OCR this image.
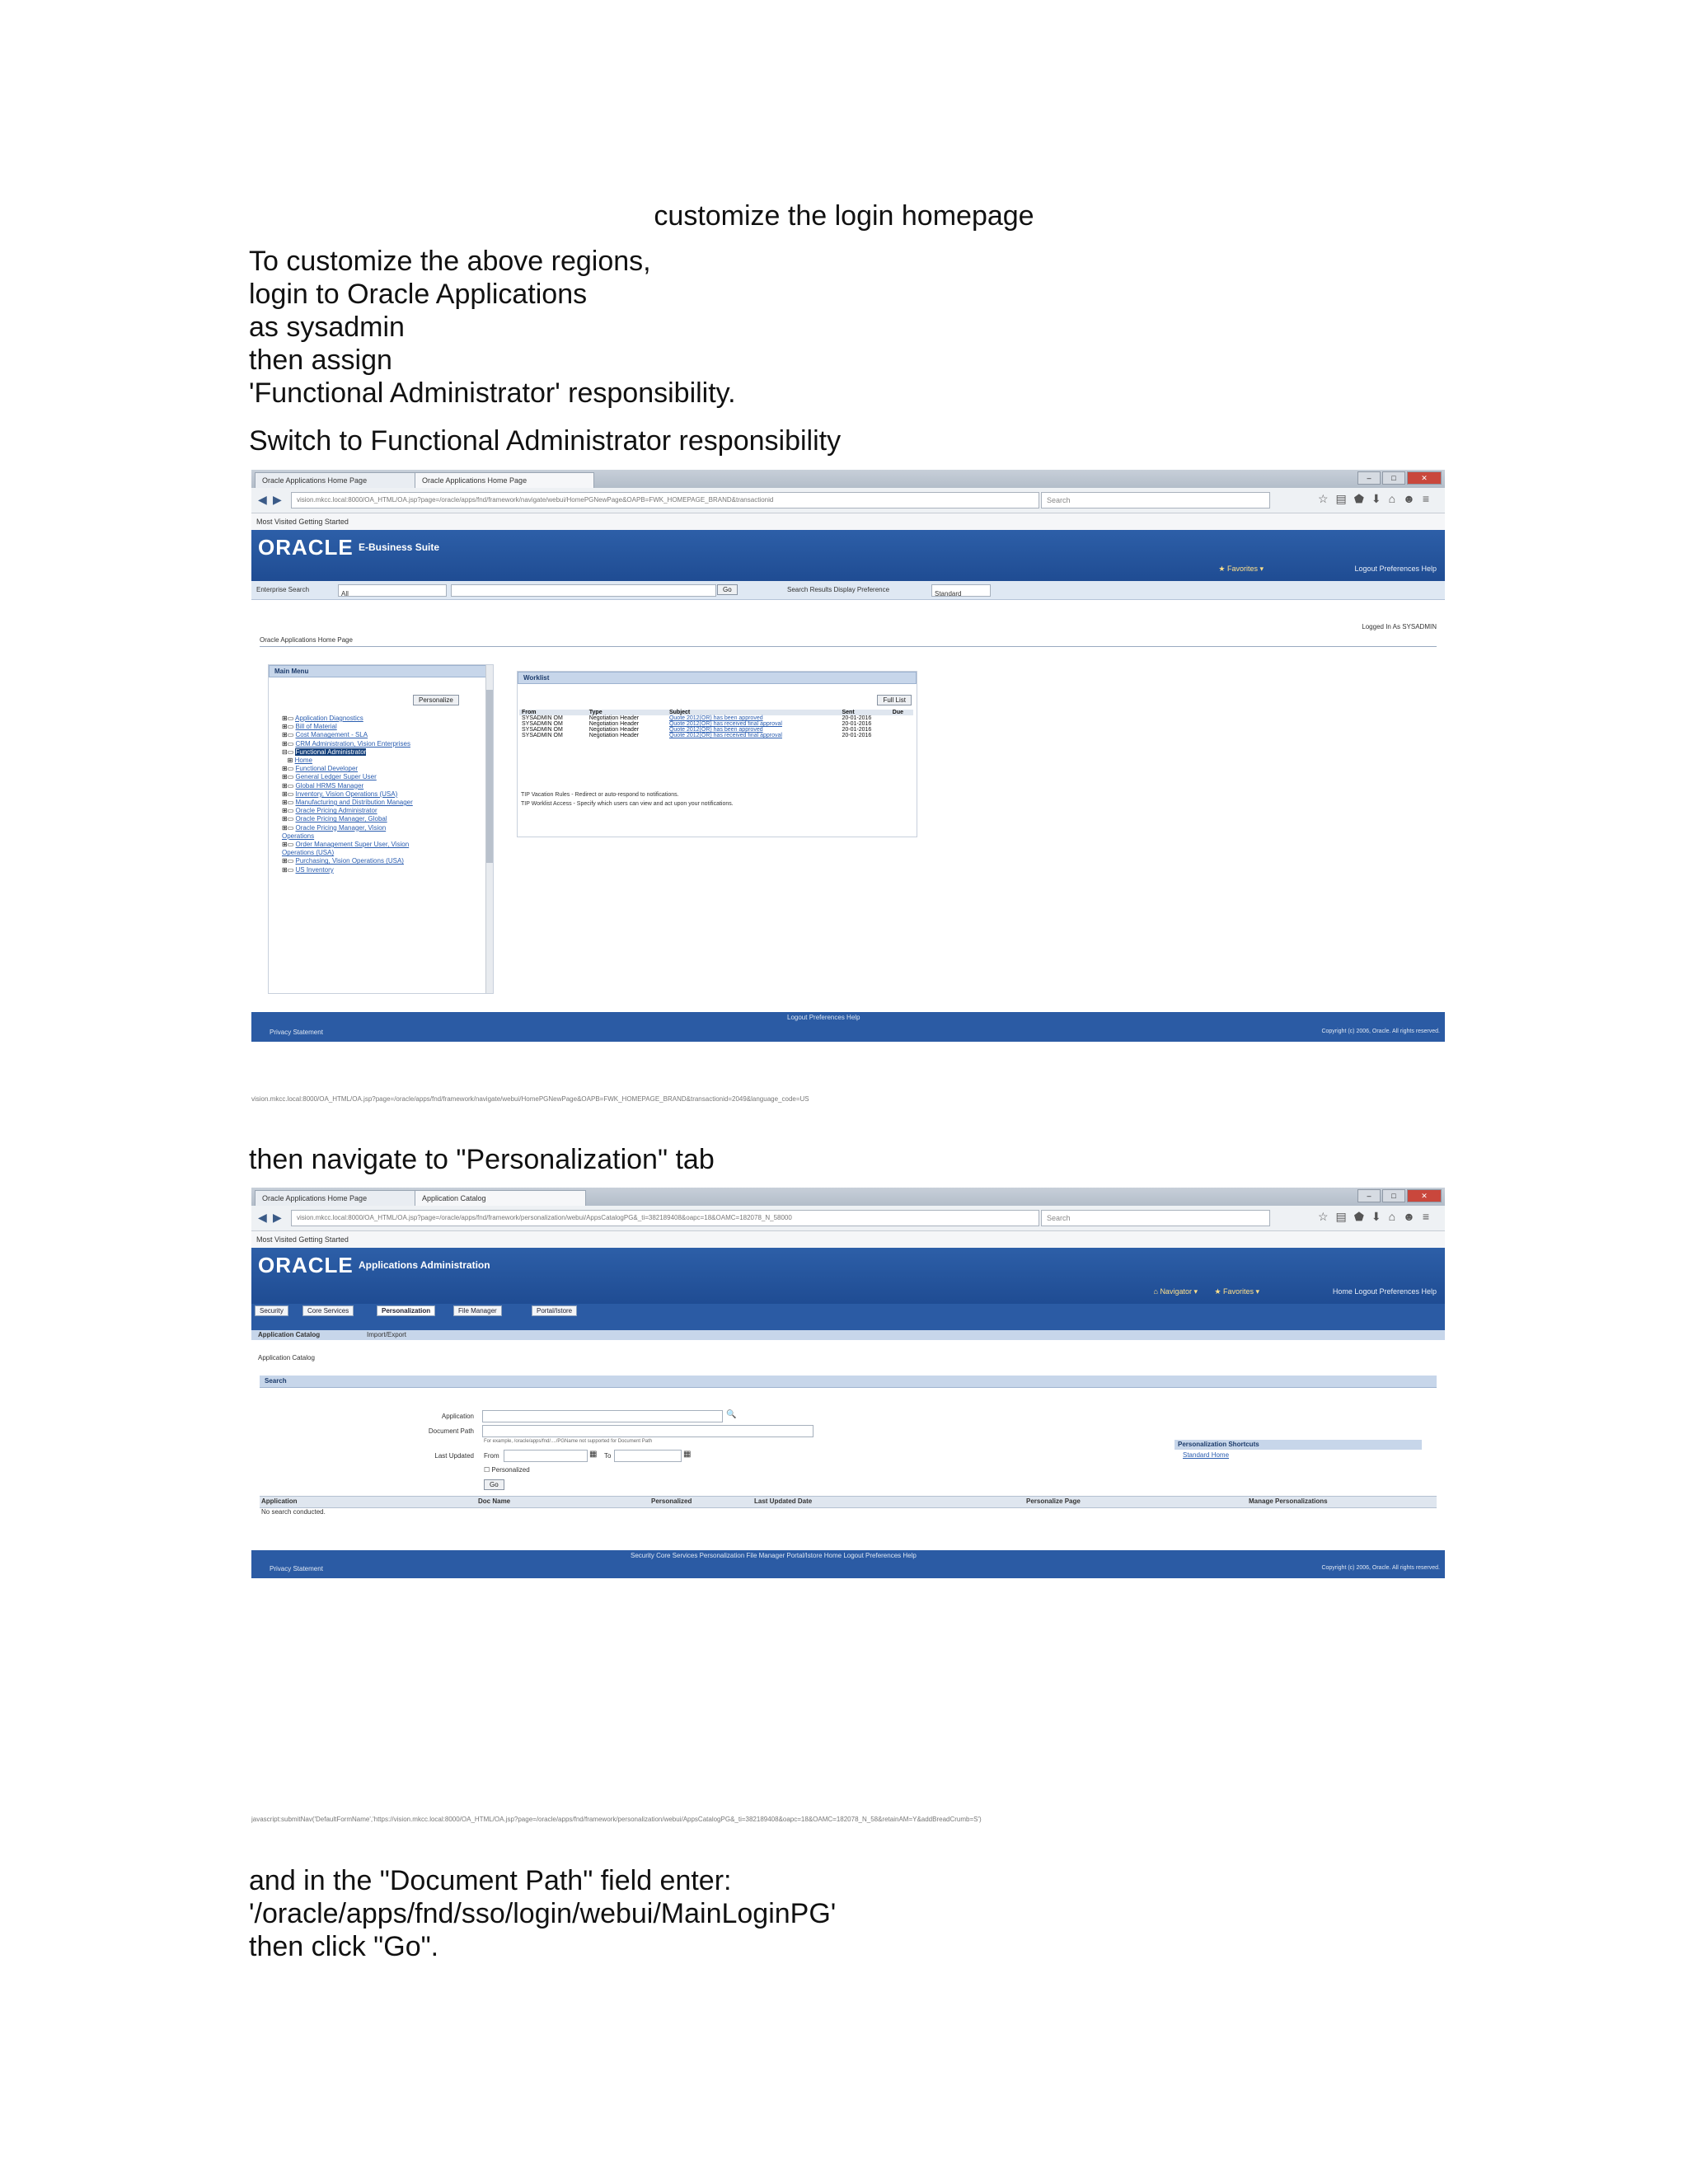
customize the login homepage
To customize the above regions,
login to Oracle Applications
as sysadmin
then assign
'Functional Administrator' responsibility.
Switch to Functional Administrator responsibility
Oracle Applications Home Page	Oracle Applications Home Page	–	□	✕
◀ ▶	vision.mkcc.local:8000/OA_HTML/OA.jsp?page=/oracle/apps/fnd/framework/navigate/webui/HomePGNewPage&OAPB=FWK_HOMEPAGE_BRAND&transactionid	Search	☆▤⬟⬇⌂☻≡
Most Visited Getting Started
ORACLE E-Business Suite
★ Favorites ▾	Logout Preferences Help
Enterprise Search
All
Go	Search Results Display Preference
Standard
Logged In As SYSADMIN
Oracle Applications Home Page
Main Menu
Personalize
⊞▭ Application Diagnostics
⊞▭ Bill of Material
⊞▭ Cost Management - SLA
⊞▭ CRM Administration, Vision Enterprises
⊟▭ Functional Administrator
⊞ Home
⊞▭ Functional Developer
⊞▭ General Ledger Super User
⊞▭ Global HRMS Manager
⊞▭ Inventory, Vision Operations (USA)
⊞▭ Manufacturing and Distribution Manager
⊞▭ Oracle Pricing Administrator
⊞▭ Oracle Pricing Manager, Global
⊞▭ Oracle Pricing Manager, Vision
Operations
⊞▭ Order Management Super User, Vision
Operations (USA)
⊞▭ Purchasing, Vision Operations (USA)
⊞▭ US Inventory
Worklist
Full List
From	Type	Subject	Sent	Due
SYSADMIN OM	Negotiation Header	Quote 2012(OR) has been approved	20-01-2016	
SYSADMIN OM	Negotiation Header	Quote 2012(OR) has received final approval	20-01-2016	
SYSADMIN OM	Negotiation Header	Quote 2012(OR) has been approved	20-01-2016	
SYSADMIN OM	Negotiation Header	Quote 2012(OR) has received final approval	20-01-2016	
TIP Vacation Rules - Redirect or auto-respond to notifications.
TIP Worklist Access - Specify which users can view and act upon your notifications.
Logout Preferences Help
Privacy Statement	Copyright (c) 2006, Oracle. All rights reserved.
vision.mkcc.local:8000/OA_HTML/OA.jsp?page=/oracle/apps/fnd/framework/navigate/webui/HomePGNewPage&OAPB=FWK_HOMEPAGE_BRAND&transactionid=2049&language_code=US
then navigate to "Personalization" tab
Oracle Applications Home Page	Application Catalog	–	□	✕
◀ ▶	vision.mkcc.local:8000/OA_HTML/OA.jsp?page=/oracle/apps/fnd/framework/personalization/webui/AppsCatalogPG&_ti=382189408&oapc=18&OAMC=182078_N_58000	Search	☆▤⬟⬇⌂☻≡
Most Visited Getting Started
ORACLE Applications Administration
⌂ Navigator ▾ ★ Favorites ▾	Home Logout Preferences Help
Security	Core Services	Personalization	File Manager	Portal/Istore
Application Catalog	Import/Export
Application Catalog
Search
Application	🔍
Document Path
For example, /oracle/apps/fnd/..../PGName not supported for Document Path
Last Updated From	▦ To	▦
☐ Personalized
Go
Personalization Shortcuts
Standard Home
Application	Doc Name	Personalized	Last Updated Date	Personalize Page	Manage Personalizations
No search conducted.
Security Core Services Personalization File Manager Portal/Istore Home Logout Preferences Help
Privacy Statement	Copyright (c) 2006, Oracle. All rights reserved.
javascript:submitNav('DefaultFormName','https://vision.mkcc.local:8000/OA_HTML/OA.jsp?page=/oracle/apps/fnd/framework/personalization/webui/AppsCatalogPG&_ti=382189408&oapc=18&OAMC=182078_N_58&retainAM=Y&addBreadCrumb=S')
and in the "Document Path" field enter:
'/oracle/apps/fnd/sso/login/webui/MainLoginPG'
then click "Go".
